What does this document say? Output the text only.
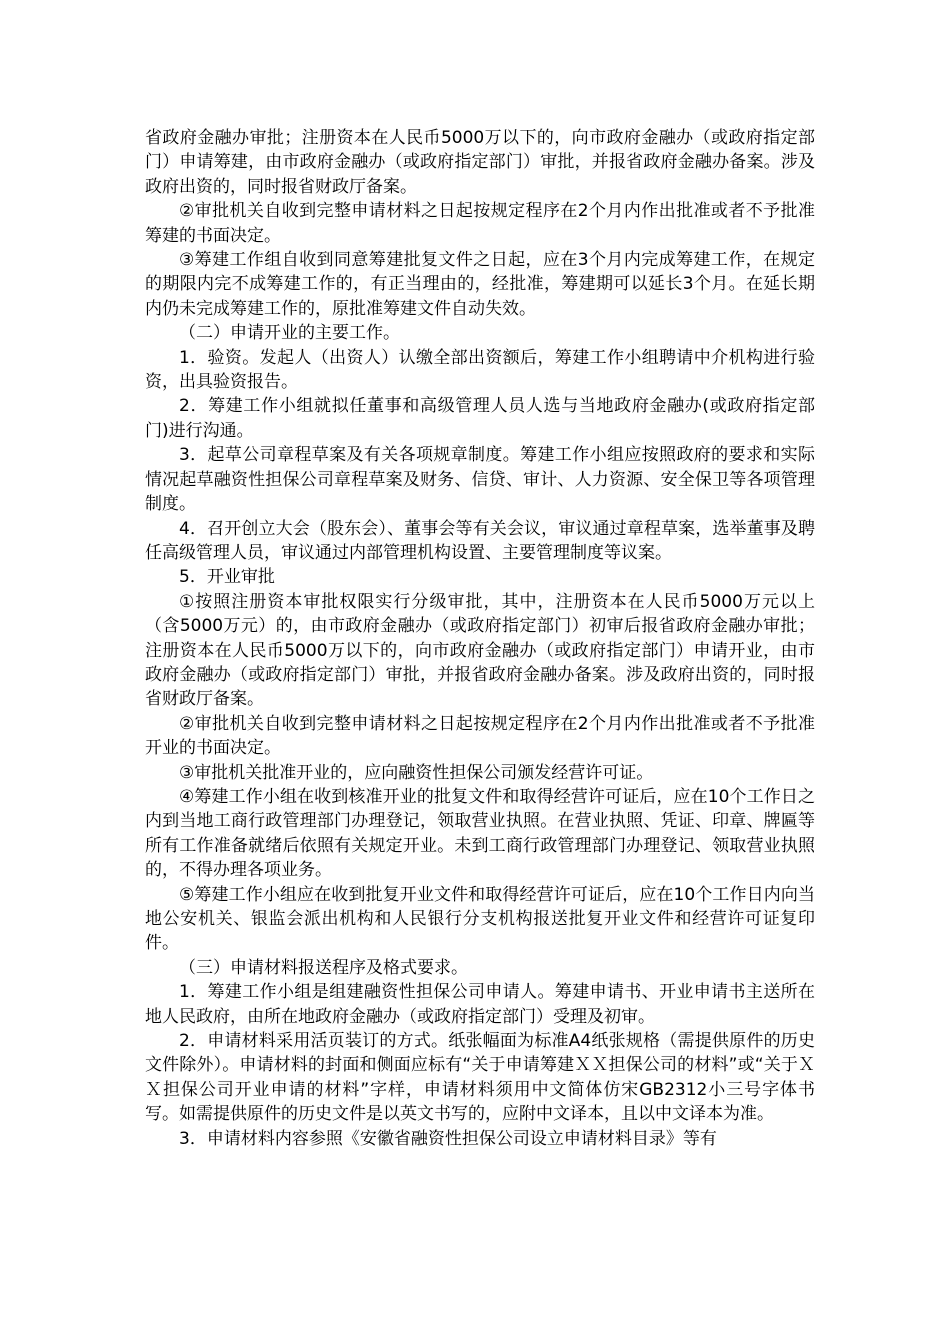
省政府金融办审批；注册资本在人民币5000万以下的，向市政府金融办（或政府指定部门）申请筹建，由市政府金融办（或政府指定部门）审批，并报省政府金融办备案。涉及政府出资的，同时报省财政厅备案。

②审批机关自收到完整申请材料之日起按规定程序在2个月内作出批准或者不予批准筹建的书面决定。

③筹建工作组自收到同意筹建批复文件之日起，应在3个月内完成筹建工作，在规定的期限内完不成筹建工作的，有正当理由的，经批准，筹建期可以延长3个月。在延长期内仍未完成筹建工作的，原批准筹建文件自动失效。

（二）申请开业的主要工作。

1．验资。发起人（出资人）认缴全部出资额后，筹建工作小组聘请中介机构进行验资，出具验资报告。

2．筹建工作小组就拟任董事和高级管理人员人选与当地政府金融办(或政府指定部门)进行沟通。

3．起草公司章程草案及有关各项规章制度。筹建工作小组应按照政府的要求和实际情况起草融资性担保公司章程草案及财务、信贷、审计、人力资源、安全保卫等各项管理制度。

4．召开创立大会（股东会）、董事会等有关会议，审议通过章程草案，选举董事及聘任高级管理人员，审议通过内部管理机构设置、主要管理制度等议案。

5．开业审批

①按照注册资本审批权限实行分级审批，其中，注册资本在人民币5000万元以上（含5000万元）的，由市政府金融办（或政府指定部门）初审后报省政府金融办审批；注册资本在人民币5000万以下的，向市政府金融办（或政府指定部门）申请开业，由市政府金融办（或政府指定部门）审批，并报省政府金融办备案。涉及政府出资的，同时报省财政厅备案。

②审批机关自收到完整申请材料之日起按规定程序在2个月内作出批准或者不予批准开业的书面决定。

③审批机关批准开业的，应向融资性担保公司颁发经营许可证。

④筹建工作小组在收到核准开业的批复文件和取得经营许可证后，应在10个工作日之内到当地工商行政管理部门办理登记，领取营业执照。在营业执照、凭证、印章、牌匾等所有工作准备就绪后依照有关规定开业。未到工商行政管理部门办理登记、领取营业执照的，不得办理各项业务。

⑤筹建工作小组应在收到批复开业文件和取得经营许可证后，应在10个工作日内向当地公安机关、银监会派出机构和人民银行分支机构报送批复开业文件和经营许可证复印件。

（三）申请材料报送程序及格式要求。

1．筹建工作小组是组建融资性担保公司申请人。筹建申请书、开业申请书主送所在地人民政府，由所在地政府金融办（或政府指定部门）受理及初审。

2．申请材料采用活页装订的方式。纸张幅面为标准A4纸张规格（需提供原件的历史文件除外）。申请材料的封面和侧面应标有“关于申请筹建ＸＸ担保公司的材料”或“关于ＸＸ担保公司开业申请的材料”字样，申请材料须用中文简体仿宋GB2312小三号字体书写。如需提供原件的历史文件是以英文书写的，应附中文译本，且以中文译本为准。

3．申请材料内容参照《安徽省融资性担保公司设立申请材料目录》等有
